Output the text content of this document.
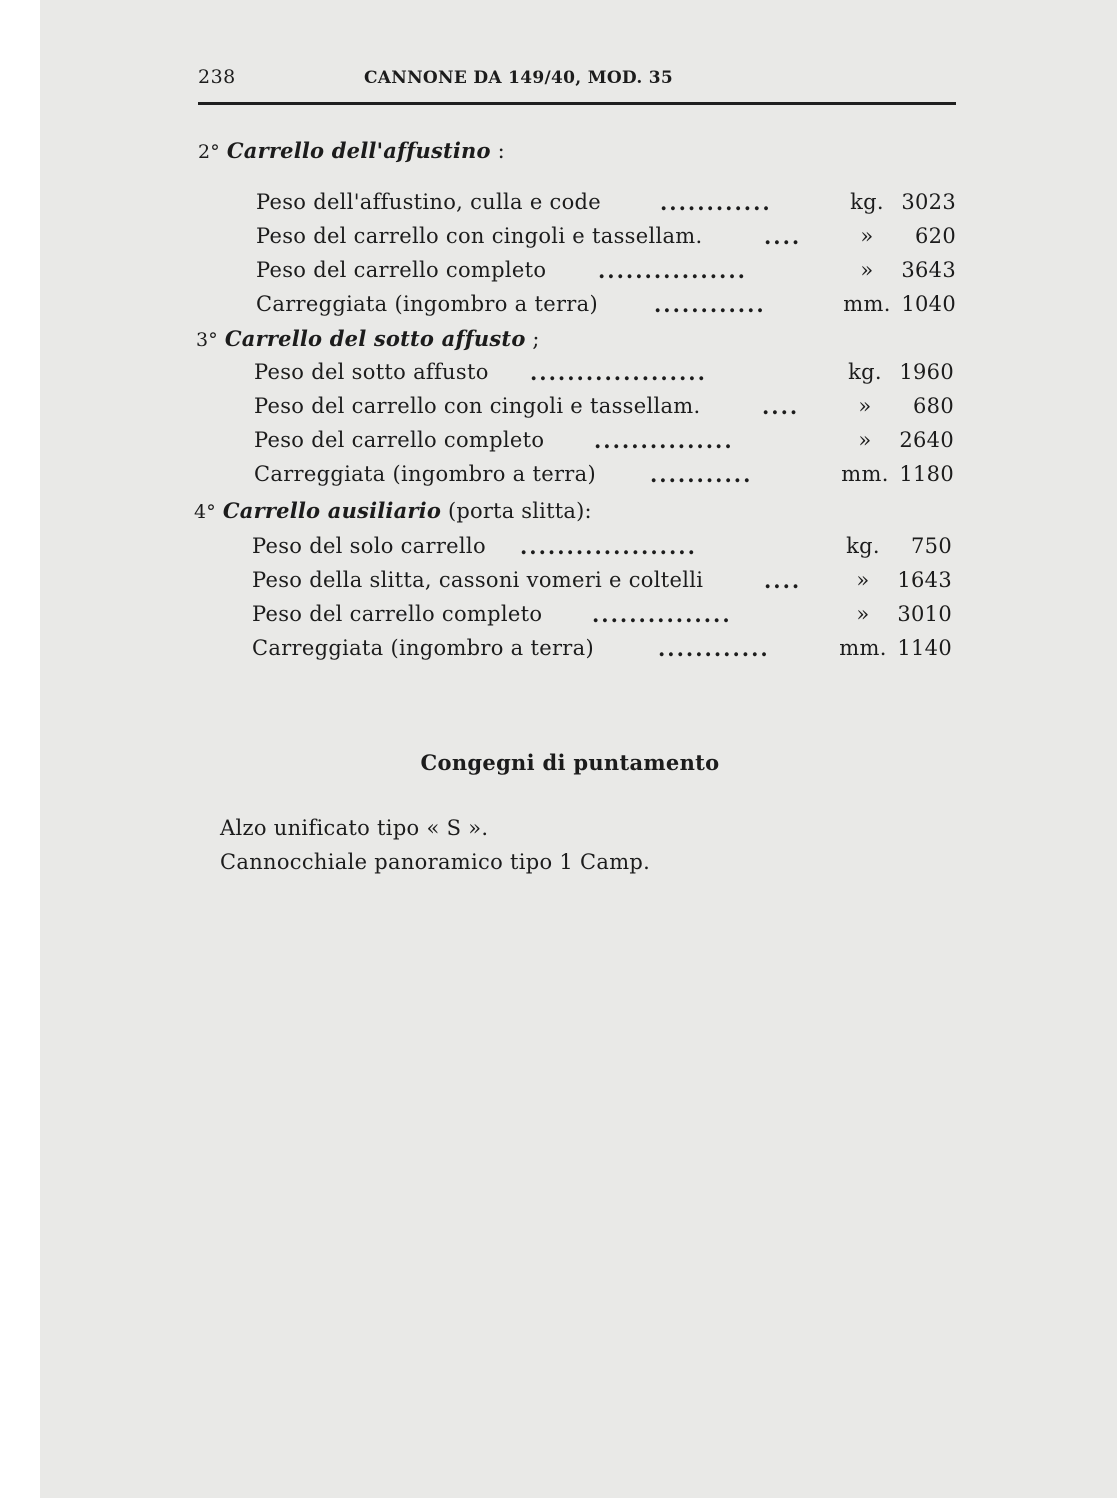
238	CANNONE DA 149/40, MOD. 35
2° Carrello dell'affustino :
Peso dell'affustino, culla e code	............	kg. 3023
Peso del carrello con cingoli e tassellam.	....	»	620
Peso del carrello completo ................	»	3643
Carreggiata (ingombro a terra)	............	mm. 1040
3° Carrello del sotto affusto ;
Peso del sotto affusto ...................	kg. 1960
Peso del carrello con cingoli e tassellam.	....	»	680
Peso del carrello completo ...............	»	2640
Carreggiata (ingombro a terra)	...........	mm. 1180
4° Carrello ausiliario (porta slitta):
Peso del solo carrello ...................	kg.	750
Peso della slitta, cassoni vomeri e coltelli	....	»	1643
Peso del carrello completo ...............	»	3010
Carreggiata (ingombro a terra)	............	mm. 1140
Congegni di puntamento
Alzo unificato tipo « S ».
Cannocchiale panoramico tipo 1 Camp.
